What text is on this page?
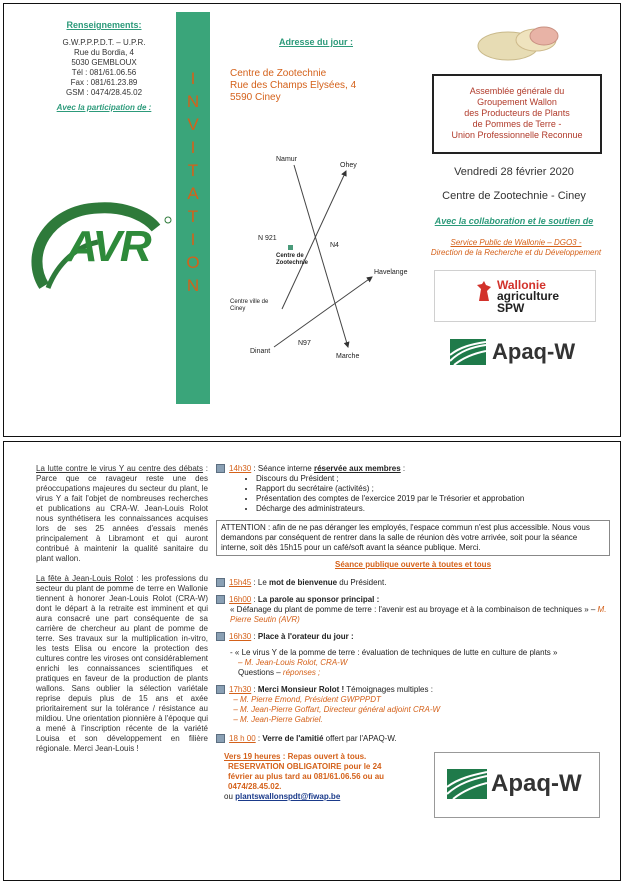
Renseignements:
G.W.P.P.P.D.T. – U.P.R.
Rue du Bordia, 4
5030 GEMBLOUX
Tél : 081/61.06.56
Fax : 081/61.23.89
GSM : 0474/28.45.02
Avec la participation de :
AVR
I
N
V
I
T
A
T
I
O
N
Adresse du jour :
Centre de Zootechnie
Rue des Champs Elysées, 4
5590 Ciney
Namur
Ohey
N 921
N4
Centre de Zootechnie
Havelange
Centre ville de Ciney
N97
Dinant
Marche
Assemblée générale du
Groupement Wallon
des Producteurs de Plants
de Pommes de Terre -
Union Professionnelle Reconnue
Vendredi 28 février 2020
Centre de Zootechnie - Ciney
Avec la collaboration et le soutien de
Service Public de Wallonie – DGO3 -
Direction de la Recherche et du Développement
Wallonie
agriculture
SPW
Apaq-W

La lutte contre le virus Y au centre des débats : Parce que ce ravageur reste une des préoccupations majeures du secteur du plant, le virus Y a fait l'objet de nombreuses recherches et publications au CRA-W. Jean-Louis Rolot nous synthétisera les connaissances acquises lors de ses 25 années d'essais menés principalement à Libramont et qui auront contribué à maintenir la qualité sanitaire du plant wallon.

La fête à Jean-Louis Rolot : les professions du secteur du plant de pomme de terre en Wallonie tiennent à honorer Jean-Louis Rolot (CRA-W) dont le départ à la retraite est imminent et qui aura consacré une part conséquente de sa carrière de chercheur au plant de pomme de terre. Ses travaux sur la multiplication in-vitro, les tests Elisa ou encore la protection des cultures contre les viroses ont considérablement enrichi les connaissances scientifiques et pratiques en faveur de la production de plants wallons. Sans oublier la sélection variétale reprise depuis plus de 15 ans et axée prioritairement sur la tolérance / résistance au mildiou. Une orientation pionnière à l'époque qui a mené à l'inscription récente de la variété Louisa et son développement en filière régionale. Merci Jean-Louis !

14h30 : Séance interne réservée aux membres :
• Discours du Président ;
• Rapport du secrétaire (activités) ;
• Présentation des comptes de l'exercice 2019 par le Trésorier et approbation
• Décharge des administrateurs.
ATTENTION : afin de ne pas déranger les employés, l'espace commun n'est plus accessible. Nous vous demandons par conséquent de rentrer dans la salle de réunion dès votre arrivée, soit pour la séance interne, soit dès 15h15 pour un café/soft avant la séance publique. Merci.
Séance publique ouverte à toutes et tous
15h45 : Le mot de bienvenue du Président.
16h00 : La parole au sponsor principal :
« Défanage du plant de pomme de terre : l'avenir est au broyage et à la combinaison de techniques » – M. Pierre Seutin (AVR)
16h30 : Place à l'orateur du jour :
- « Le virus Y de la pomme de terre : évaluation de techniques de lutte en culture de plants »
– M. Jean-Louis Rolot, CRA-W
Questions – réponses ;
17h30 : Merci Monsieur Rolot ! Témoignages multiples :
– M. Pierre Emond, Président GWPPPDT
– M. Jean-Pierre Goffart, Directeur général adjoint CRA-W
– M. Jean-Pierre Gabriel.
18 h 00 : Verre de l'amitié offert par l'APAQ-W.
Vers 19 heures : Repas ouvert à tous.
RESERVATION OBLIGATOIRE pour le 24 février au plus tard au 081/61.06.56 ou au 0474/28.45.02.
ou plantswallonspdt@fiwap.be	Apaq-W
